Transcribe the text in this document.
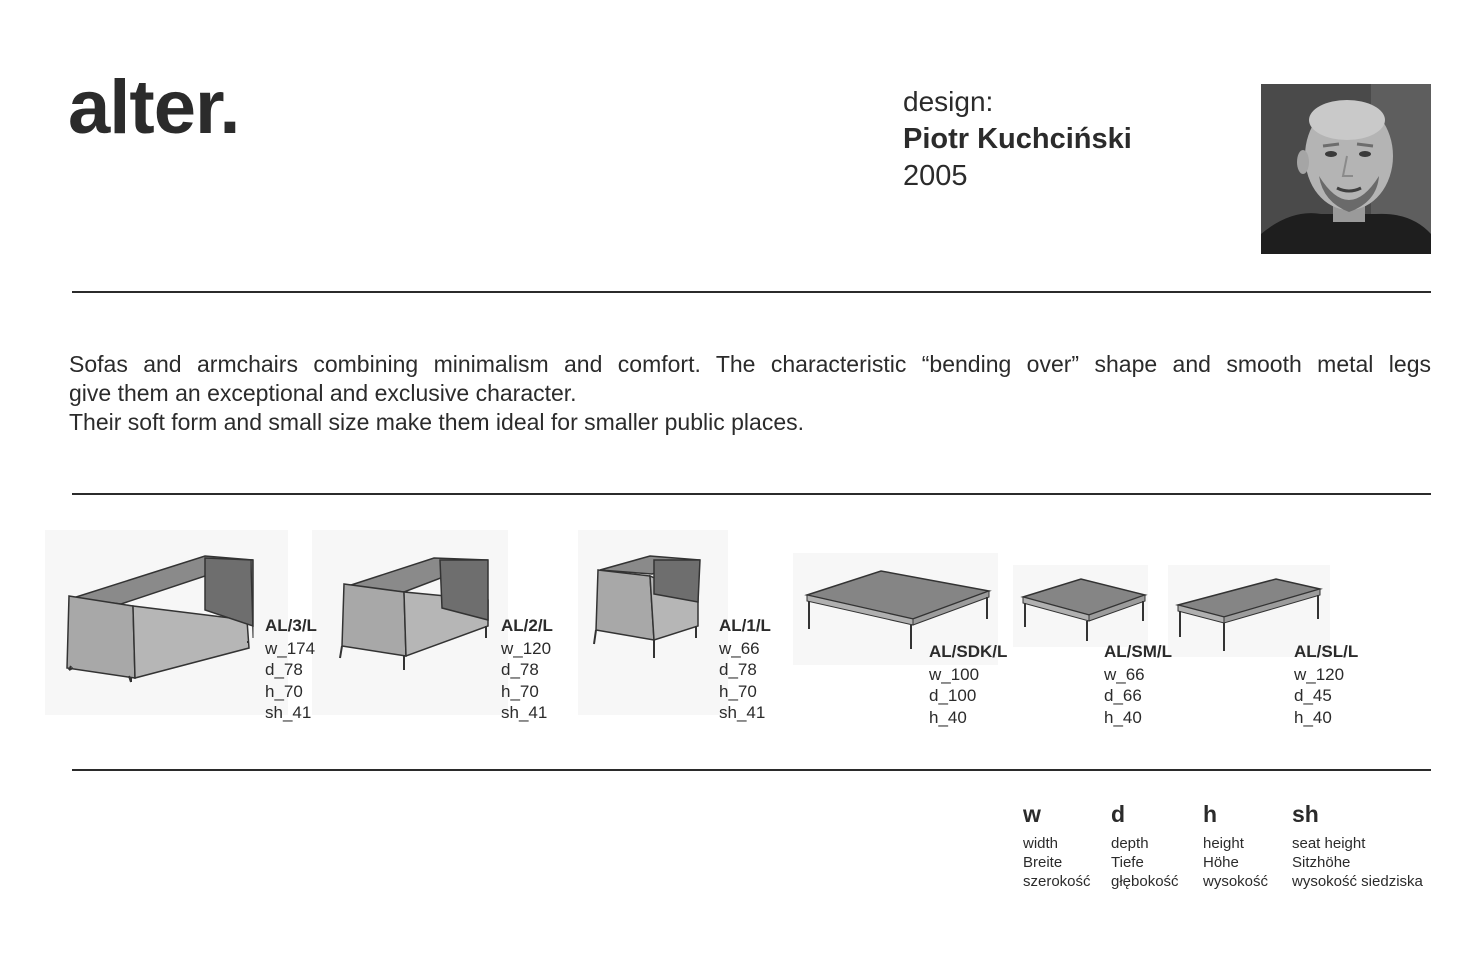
alter.	design:
Piotr Kuchciński
2005

Sofas and armchairs combining minimalism and comfort. The characteristic “bending over” shape and smooth metal legs

give them an exceptional and exclusive character.

Their soft form and small size make them ideal for smaller public places.

AL/3/L
w_174
d_78
h_70
sh_41
AL/2/L
w_120
d_78
h_70
sh_41
AL/1/L
w_66
d_78
h_70
sh_41
AL/SDK/L
w_100
d_100
h_40
AL/SM/L
w_66
d_66
h_40
AL/SL/L
w_120
d_45
h_40
w
width
Breite
szerokość
d
depth
Tiefe
głębokość
h
height
Höhe
wysokość
sh
seat height
Sitzhöhe
wysokość siedziska
